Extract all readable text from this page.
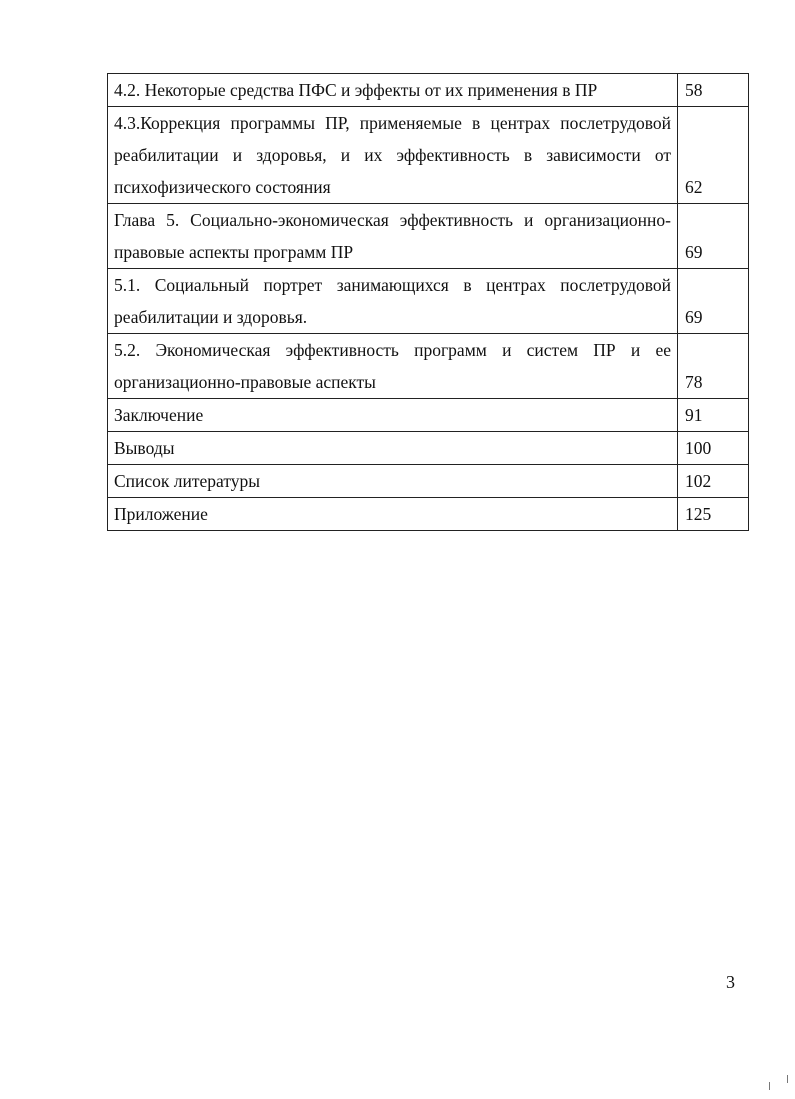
4.2. Некоторые средства ПФС и эффекты от их применения в ПР	58
4.3.Коррекция программы ПР, применяемые в центрах послетрудовой реабилитации и здоровья, и их эффективность в зависимости от психофизического состояния	62
Глава 5. Социально-экономическая эффективность и организационно-правовые аспекты программ ПР	69
5.1. Социальный портрет занимающихся в центрах послетрудовой реабилитации и здоровья.	69
5.2. Экономическая эффективность программ и систем ПР и ее организационно-правовые аспекты	78
Заключение	91
Выводы	100
Список литературы	102
Приложение	125
3
